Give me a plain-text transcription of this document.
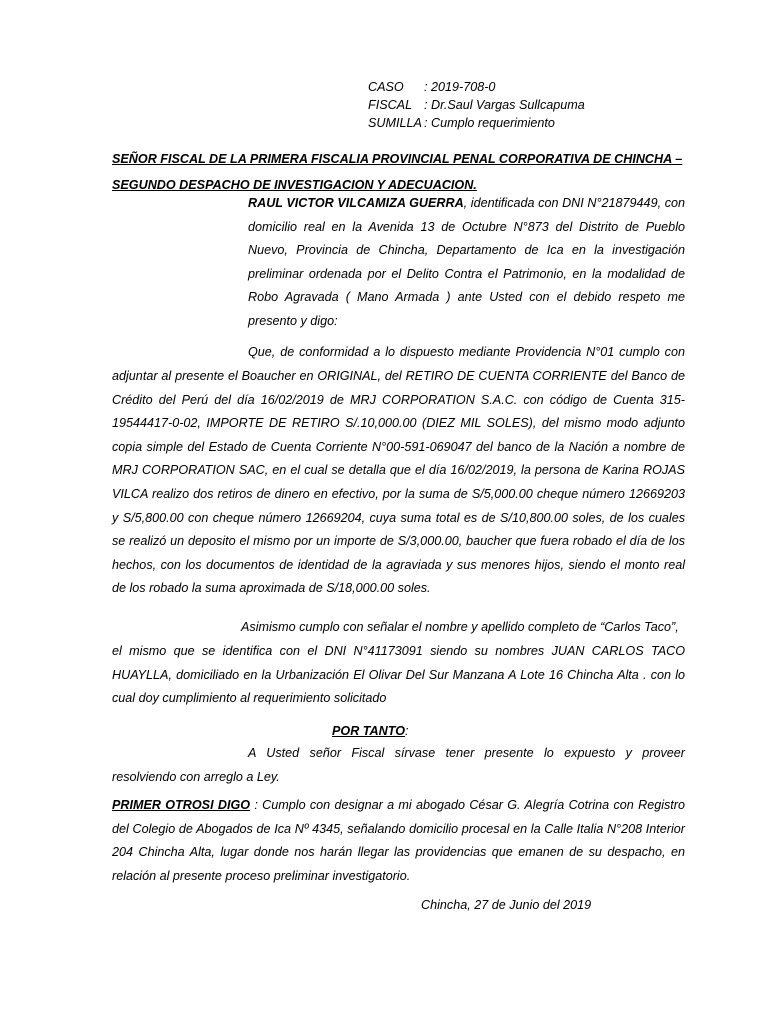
CASO : 2019-708-0
FISCAL : Dr.Saul Vargas Sullcapuma
SUMILLA : Cumplo requerimiento
SEÑOR FISCAL DE LA PRIMERA FISCALIA PROVINCIAL PENAL CORPORATIVA DE CHINCHA –
SEGUNDO DESPACHO DE INVESTIGACION Y ADECUACION.
RAUL VICTOR VILCAMIZA GUERRA, identificada con DNI N°21879449, con domicilio real en la Avenida 13 de Octubre N°873 del Distrito de Pueblo Nuevo, Provincia de Chincha, Departamento de Ica en la investigación preliminar ordenada por el Delito Contra el Patrimonio, en la modalidad de Robo Agravada ( Mano Armada ) ante Usted con el debido respeto me presento y digo:
Que, de conformidad a lo dispuesto mediante Providencia N°01 cumplo con
adjuntar al presente el Boaucher en ORIGINAL, del RETIRO DE CUENTA CORRIENTE del Banco de Crédito del Perú del día 16/02/2019 de MRJ CORPORATION S.A.C. con código de Cuenta 315-19544417-0-02, IMPORTE DE RETIRO S/.10,000.00 (DIEZ MIL SOLES), del mismo modo adjunto copia simple del Estado de Cuenta Corriente N°00-591-069047 del banco de la Nación a nombre de MRJ CORPORATION SAC, en el cual se detalla que el día 16/02/2019, la persona de Karina ROJAS VILCA realizo dos retiros de dinero en efectivo, por la suma de S/5,000.00 cheque número 12669203 y S/5,800.00 con cheque número 12669204, cuya suma total es de S/10,800.00 soles, de los cuales se realizó un deposito el mismo por un importe de S/3,000.00, baucher que fuera robado el día de los hechos, con los documentos de identidad de la agraviada y sus menores hijos, siendo el monto real de los robado la suma aproximada de S/18,000.00 soles.
Asimismo cumplo con señalar el nombre y apellido completo de “Carlos Taco”,
el mismo que se identifica con el DNI N°41173091 siendo su nombres JUAN CARLOS TACO HUAYLLA, domiciliado en la Urbanización El Olivar Del Sur Manzana A Lote 16 Chincha Alta . con lo cual doy cumplimiento al requerimiento solicitado
POR TANTO:
A Usted señor Fiscal sírvase tener presente lo expuesto y proveer
resolviendo con arreglo a Ley.
PRIMER OTROSI DIGO : Cumplo con designar a mi abogado César G. Alegría Cotrina con Registro del Colegio de Abogados de Ica Nº 4345, señalando domicilio procesal en la Calle Italia N°208 Interior 204 Chincha Alta, lugar donde nos harán llegar las providencias que emanen de su despacho, en relación al presente proceso preliminar investigatorio.
Chincha, 27 de Junio del 2019
